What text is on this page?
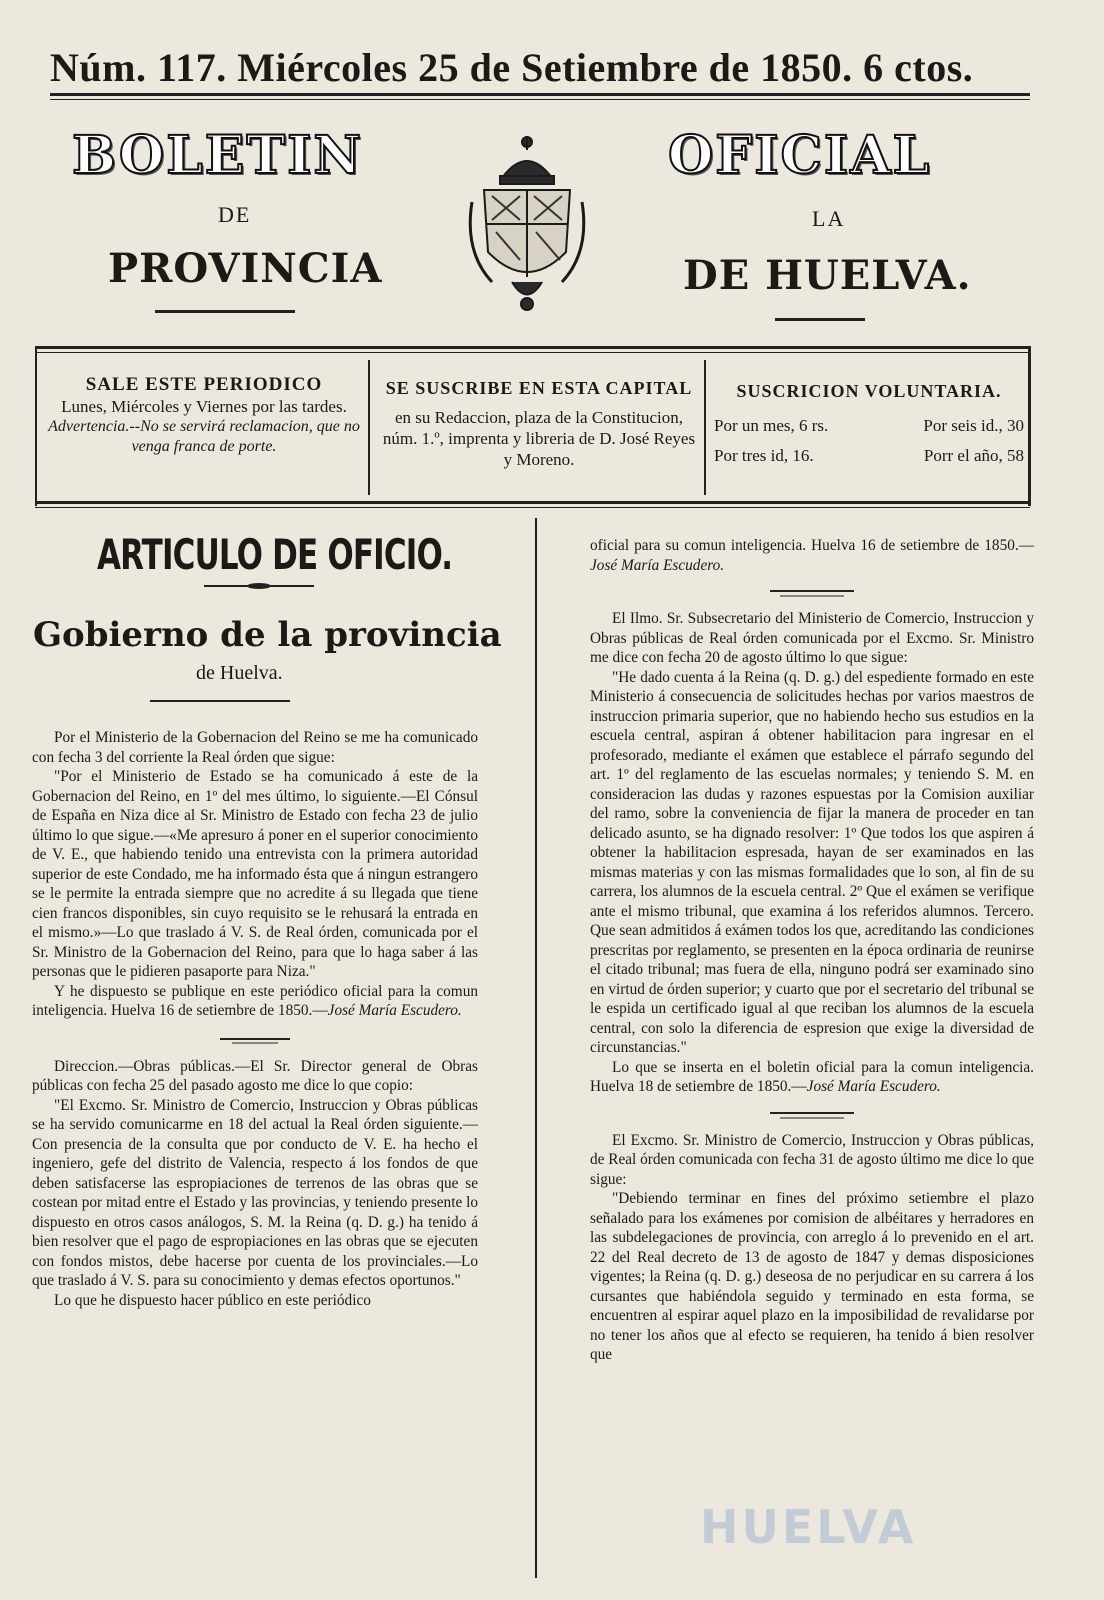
Núm. 117. Miércoles 25 de Setiembre de 1850. 6 ctos.
BOLETIN	OFICIAL
DE	LA
PROVINCIA	DE HUELVA.
SALE ESTE PERIODICO
Lunes, Miércoles y Viernes por las tardes.
Advertencia.--No se servirá reclamacion, que no venga franca de porte.
SE SUSCRIBE EN ESTA CAPITAL
en su Redaccion, plaza de la Constitucion, núm. 1.º, imprenta y libreria de D. José Reyes y Moreno.
SUSCRICION VOLUNTARIA.
Por un mes, 6 rs.	Por seis id., 30
Por tres id, 16.	Porr el año, 58
ARTICULO DE OFICIO.
Gobierno de la provincia
de Huelva.

Por el Ministerio de la Gobernacion del Reino se me ha comunicado con fecha 3 del corriente la Real órden que sigue:

"Por el Ministerio de Estado se ha comunicado á este de la Gobernacion del Reino, en 1º del mes último, lo siguiente.—El Cónsul de España en Niza dice al Sr. Ministro de Estado con fecha 23 de julio último lo que sigue.—«Me apresuro á poner en el superior conocimiento de V. E., que habiendo tenido una entrevista con la primera autoridad superior de este Condado, me ha informado ésta que á ningun estrangero se le permite la entrada siempre que no acredite á su llegada que tiene cien francos disponibles, sin cuyo requisito se le rehusará la entrada en el mismo.»—Lo que traslado á V. S. de Real órden, comunicada por el Sr. Ministro de la Gobernacion del Reino, para que lo haga saber á las personas que le pidieren pasaporte para Niza."

Y he dispuesto se publique en este periódico oficial para la comun inteligencia. Huelva 16 de setiembre de 1850.—José María Escudero.

Direccion.—Obras públicas.—El Sr. Director general de Obras públicas con fecha 25 del pasado agosto me dice lo que copio:

"El Excmo. Sr. Ministro de Comercio, Instruccion y Obras públicas se ha servido comunicarme en 18 del actual la Real órden siguiente.—Con presencia de la consulta que por conducto de V. E. ha hecho el ingeniero, gefe del distrito de Valencia, respecto á los fondos de que deben satisfacerse las espropiaciones de terrenos de las obras que se costean por mitad entre el Estado y las provincias, y teniendo presente lo dispuesto en otros casos análogos, S. M. la Reina (q. D. g.) ha tenido á bien resolver que el pago de espropiaciones en las obras que se ejecuten con fondos mistos, debe hacerse por cuenta de los provinciales.—Lo que traslado á V. S. para su conocimiento y demas efectos oportunos."

Lo que he dispuesto hacer público en este periódico

oficial para su comun inteligencia. Huelva 16 de setiembre de 1850.—José María Escudero.

El Ilmo. Sr. Subsecretario del Ministerio de Comercio, Instruccion y Obras públicas de Real órden comunicada por el Excmo. Sr. Ministro me dice con fecha 20 de agosto último lo que sigue:

"He dado cuenta á la Reina (q. D. g.) del espediente formado en este Ministerio á consecuencia de solicitudes hechas por varios maestros de instruccion primaria superior, que no habiendo hecho sus estudios en la escuela central, aspiran á obtener habilitacion para ingresar en el profesorado, mediante el exámen que establece el párrafo segundo del art. 1º del reglamento de las escuelas normales; y teniendo S. M. en consideracion las dudas y razones espuestas por la Comision auxiliar del ramo, sobre la conveniencia de fijar la manera de proceder en tan delicado asunto, se ha dignado resolver: 1º Que todos los que aspiren á obtener la habilitacion espresada, hayan de ser examinados en las mismas materias y con las mismas formalidades que lo son, al fin de su carrera, los alumnos de la escuela central. 2º Que el exámen se verifique ante el mismo tribunal, que examina á los referidos alumnos. Tercero. Que sean admitidos á exámen todos los que, acreditando las condiciones prescritas por reglamento, se presenten en la época ordinaria de reunirse el citado tribunal; mas fuera de ella, ninguno podrá ser examinado sino en virtud de órden superior; y cuarto que por el secretario del tribunal se le espida un certificado igual al que reciban los alumnos de la escuela central, con solo la diferencia de espresion que exige la diversidad de circunstancias."

Lo que se inserta en el boletin oficial para la comun inteligencia. Huelva 18 de setiembre de 1850.—José María Escudero.

El Excmo. Sr. Ministro de Comercio, Instruccion y Obras públicas, de Real órden comunicada con fecha 31 de agosto último me dice lo que sigue:

"Debiendo terminar en fines del próximo setiembre el plazo señalado para los exámenes por comision de albéitares y herradores en las subdelegaciones de provincia, con arreglo á lo prevenido en el art. 22 del Real decreto de 13 de agosto de 1847 y demas disposiciones vigentes; la Reina (q. D. g.) deseosa de no perjudicar en su carrera á los cursantes que habiéndola seguido y terminado en esta forma, se encuentren al espirar aquel plazo en la imposibilidad de revalidarse por no tener los años que al efecto se requieren, ha tenido á bien resolver que

HUELVA
